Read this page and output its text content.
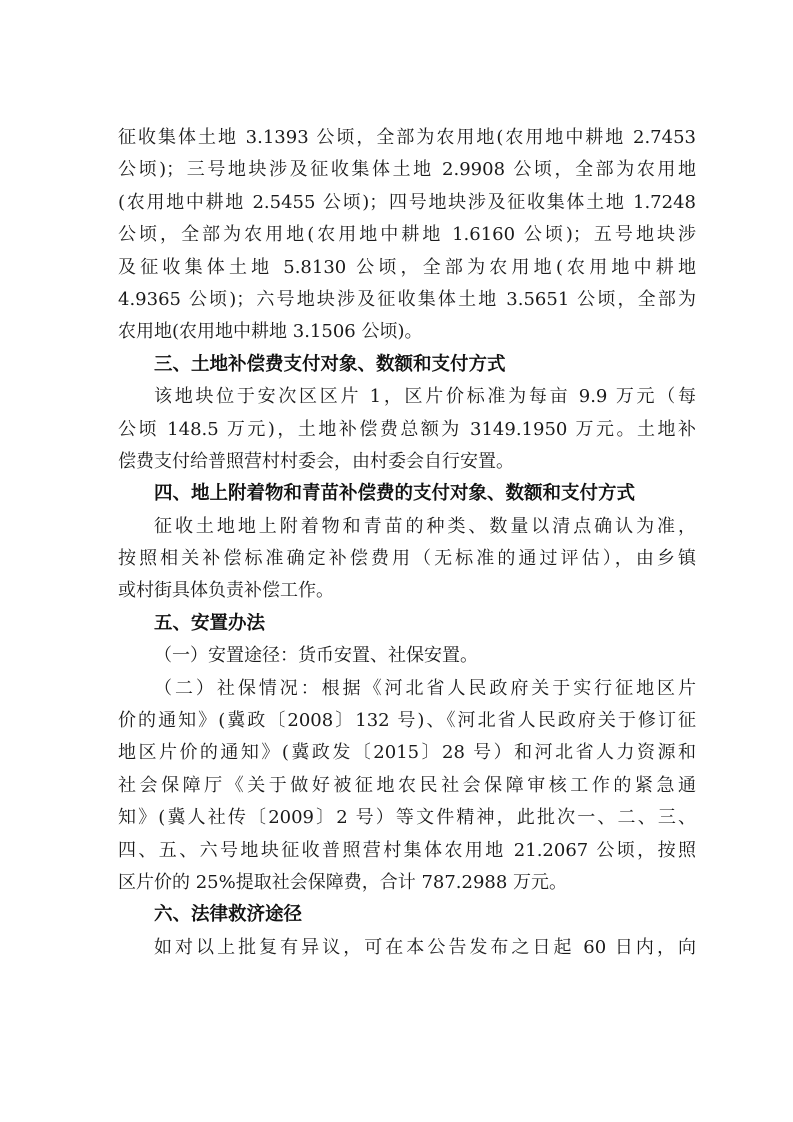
征收集体土地 3.1393 公顷，全部为农用地(农用地中耕地 2.7453
公顷)；三号地块涉及征收集体土地 2.9908 公顷，全部为农用地
(农用地中耕地 2.5455 公顷)；四号地块涉及征收集体土地 1.7248
公顷，全部为农用地(农用地中耕地 1.6160 公顷)；五号地块涉
及征收集体土地 5.8130 公顷，全部为农用地(农用地中耕地
4.9365 公顷)；六号地块涉及征收集体土地 3.5651 公顷，全部为
农用地(农用地中耕地 3.1506 公顷)。
三、土地补偿费支付对象、数额和支付方式
该地块位于安次区区片 1，区片价标准为每亩 9.9 万元（每
公顷 148.5 万元)，土地补偿费总额为 3149.1950 万元。土地补
偿费支付给普照营村村委会，由村委会自行安置。
四、地上附着物和青苗补偿费的支付对象、数额和支付方式
征收土地地上附着物和青苗的种类、数量以清点确认为准，
按照相关补偿标准确定补偿费用（无标准的通过评估），由乡镇
或村街具体负责补偿工作。
五、安置办法
（一）安置途径：货币安置、社保安置。
（二）社保情况：根据《河北省人民政府关于实行征地区片
价的通知》(冀政〔2008〕132 号)、《河北省人民政府关于修订征
地区片价的通知》(冀政发〔2015〕28 号）和河北省人力资源和
社会保障厅《关于做好被征地农民社会保障审核工作的紧急通
知》(冀人社传〔2009〕2 号）等文件精神，此批次一、二、三、
四、五、六号地块征收普照营村集体农用地 21.2067 公顷，按照
区片价的 25%提取社会保障费，合计 787.2988 万元。
六、法律救济途径
如对以上批复有异议，可在本公告发布之日起 60 日内，向
